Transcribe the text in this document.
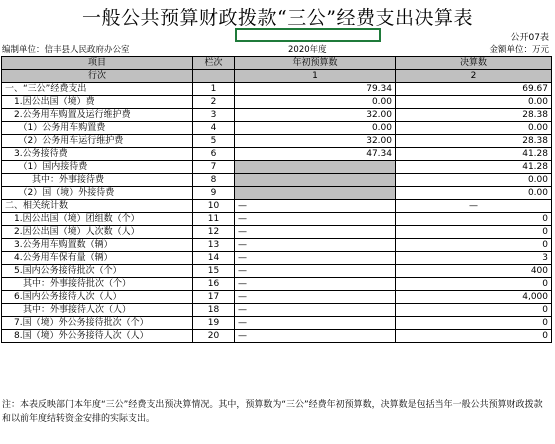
一般公共预算财政拨款“三公”经费支出决算表
公开07表
编制单位：信丰县人民政府办公室	2020年度	金额单位：万元
项目	栏次	年初预算数	决算数
行次		1	2
一、“三公”经费支出	1	79.34	69.67
　1.因公出国（境）费	2	0.00	0.00
　2.公务用车购置及运行维护费	3	32.00	28.38
　　（1）公务用车购置费	4	0.00	0.00
　　（2）公务用车运行维护费	5	32.00	28.38
　3.公务接待费	6	47.34	41.28
　　（1）国内接待费	7		41.28
　　　其中：外事接待费	8		0.00
　　（2）国（境）外接待费	9		0.00
二、相关统计数	10	—	—
　1.因公出国（境）团组数（个）	11	—	0
　2.因公出国（境）人次数（人）	12	—	0
　3.公务用车购置数（辆）	13	—	0
　4.公务用车保有量（辆）	14	—	3
　5.国内公务接待批次（个）	15	—	400
　　其中：外事接待批次（个）	16	—	0
　6.国内公务接待人次（人）	17	—	4,000
　　其中：外事接待人次（人）	18	—	0
　7.国（境）外公务接待批次（个）	19	—	0
　8.国（境）外公务接待人次（人）	20	—	0
注：本表反映部门本年度“三公”经费支出预决算情况。其中，预算数为“三公”经费年初预算数，决算数是包括当年一般公共预算财政拨款和以前年度结转资金安排的实际支出。
